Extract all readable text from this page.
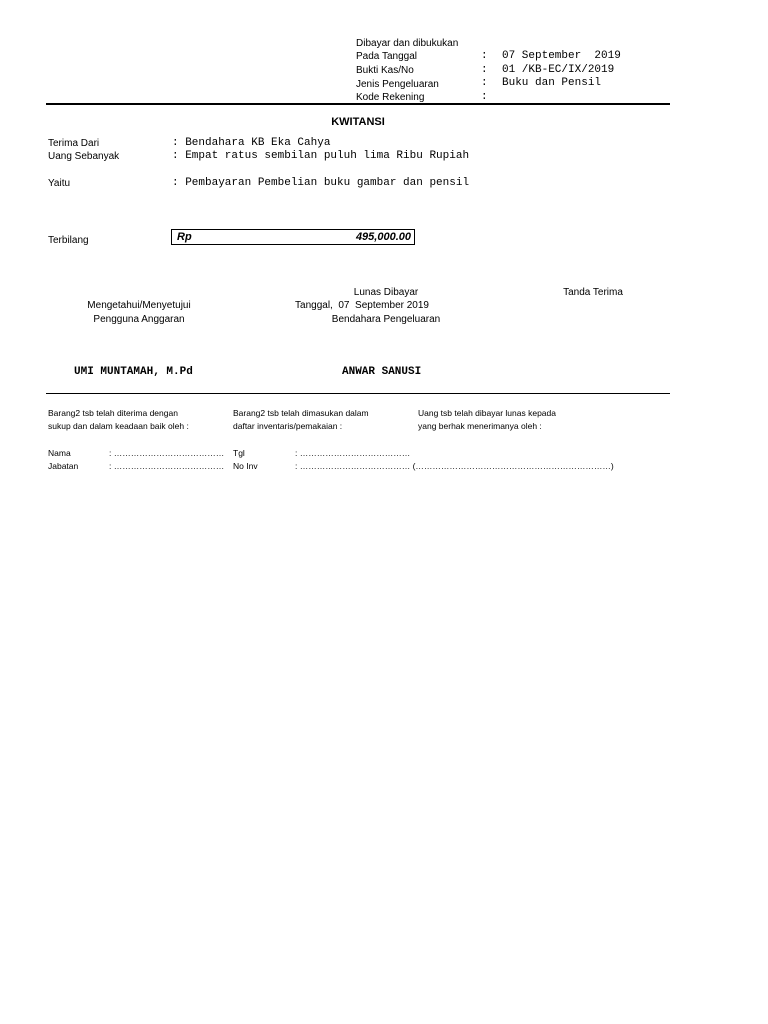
Dibayar dan dibukukan
Pada Tanggal	: 07 September  2019
Bukti Kas/No	: 01 /KB-EC/IX/2019
Jenis Pengeluaran	: Buku dan Pensil
Kode Rekening	:
KWITANSI
Terima Dari	: Bendahara KB Eka Cahya
Uang Sebanyak	: Empat ratus sembilan puluh lima Ribu Rupiah
Yaitu	: Pembayaran Pembelian buku gambar dan pensil
Terbilang	Rp	495,000.00
Lunas Dibayar	Tanda Terima
Mengetahui/Menyetujui	Tanggal,  07  September 2019
Pengguna Anggaran	Bendahara Pengeluaran
UMI MUNTAMAH, M.Pd	ANWAR SANUSI
Barang2 tsb telah diterima dengan
sukup dan dalam keadaan baik oleh :
Barang2 tsb telah dimasukan dalam
daftar inventaris/pemakaian :
Uang tsb telah dibayar lunas kepada
yang berhak menerimanya oleh :
Nama	: ………………………………… Tgl	: …………………………………
Jabatan	: ………………………………… No Inv	: ………………………………… (……………………………………………………………)
